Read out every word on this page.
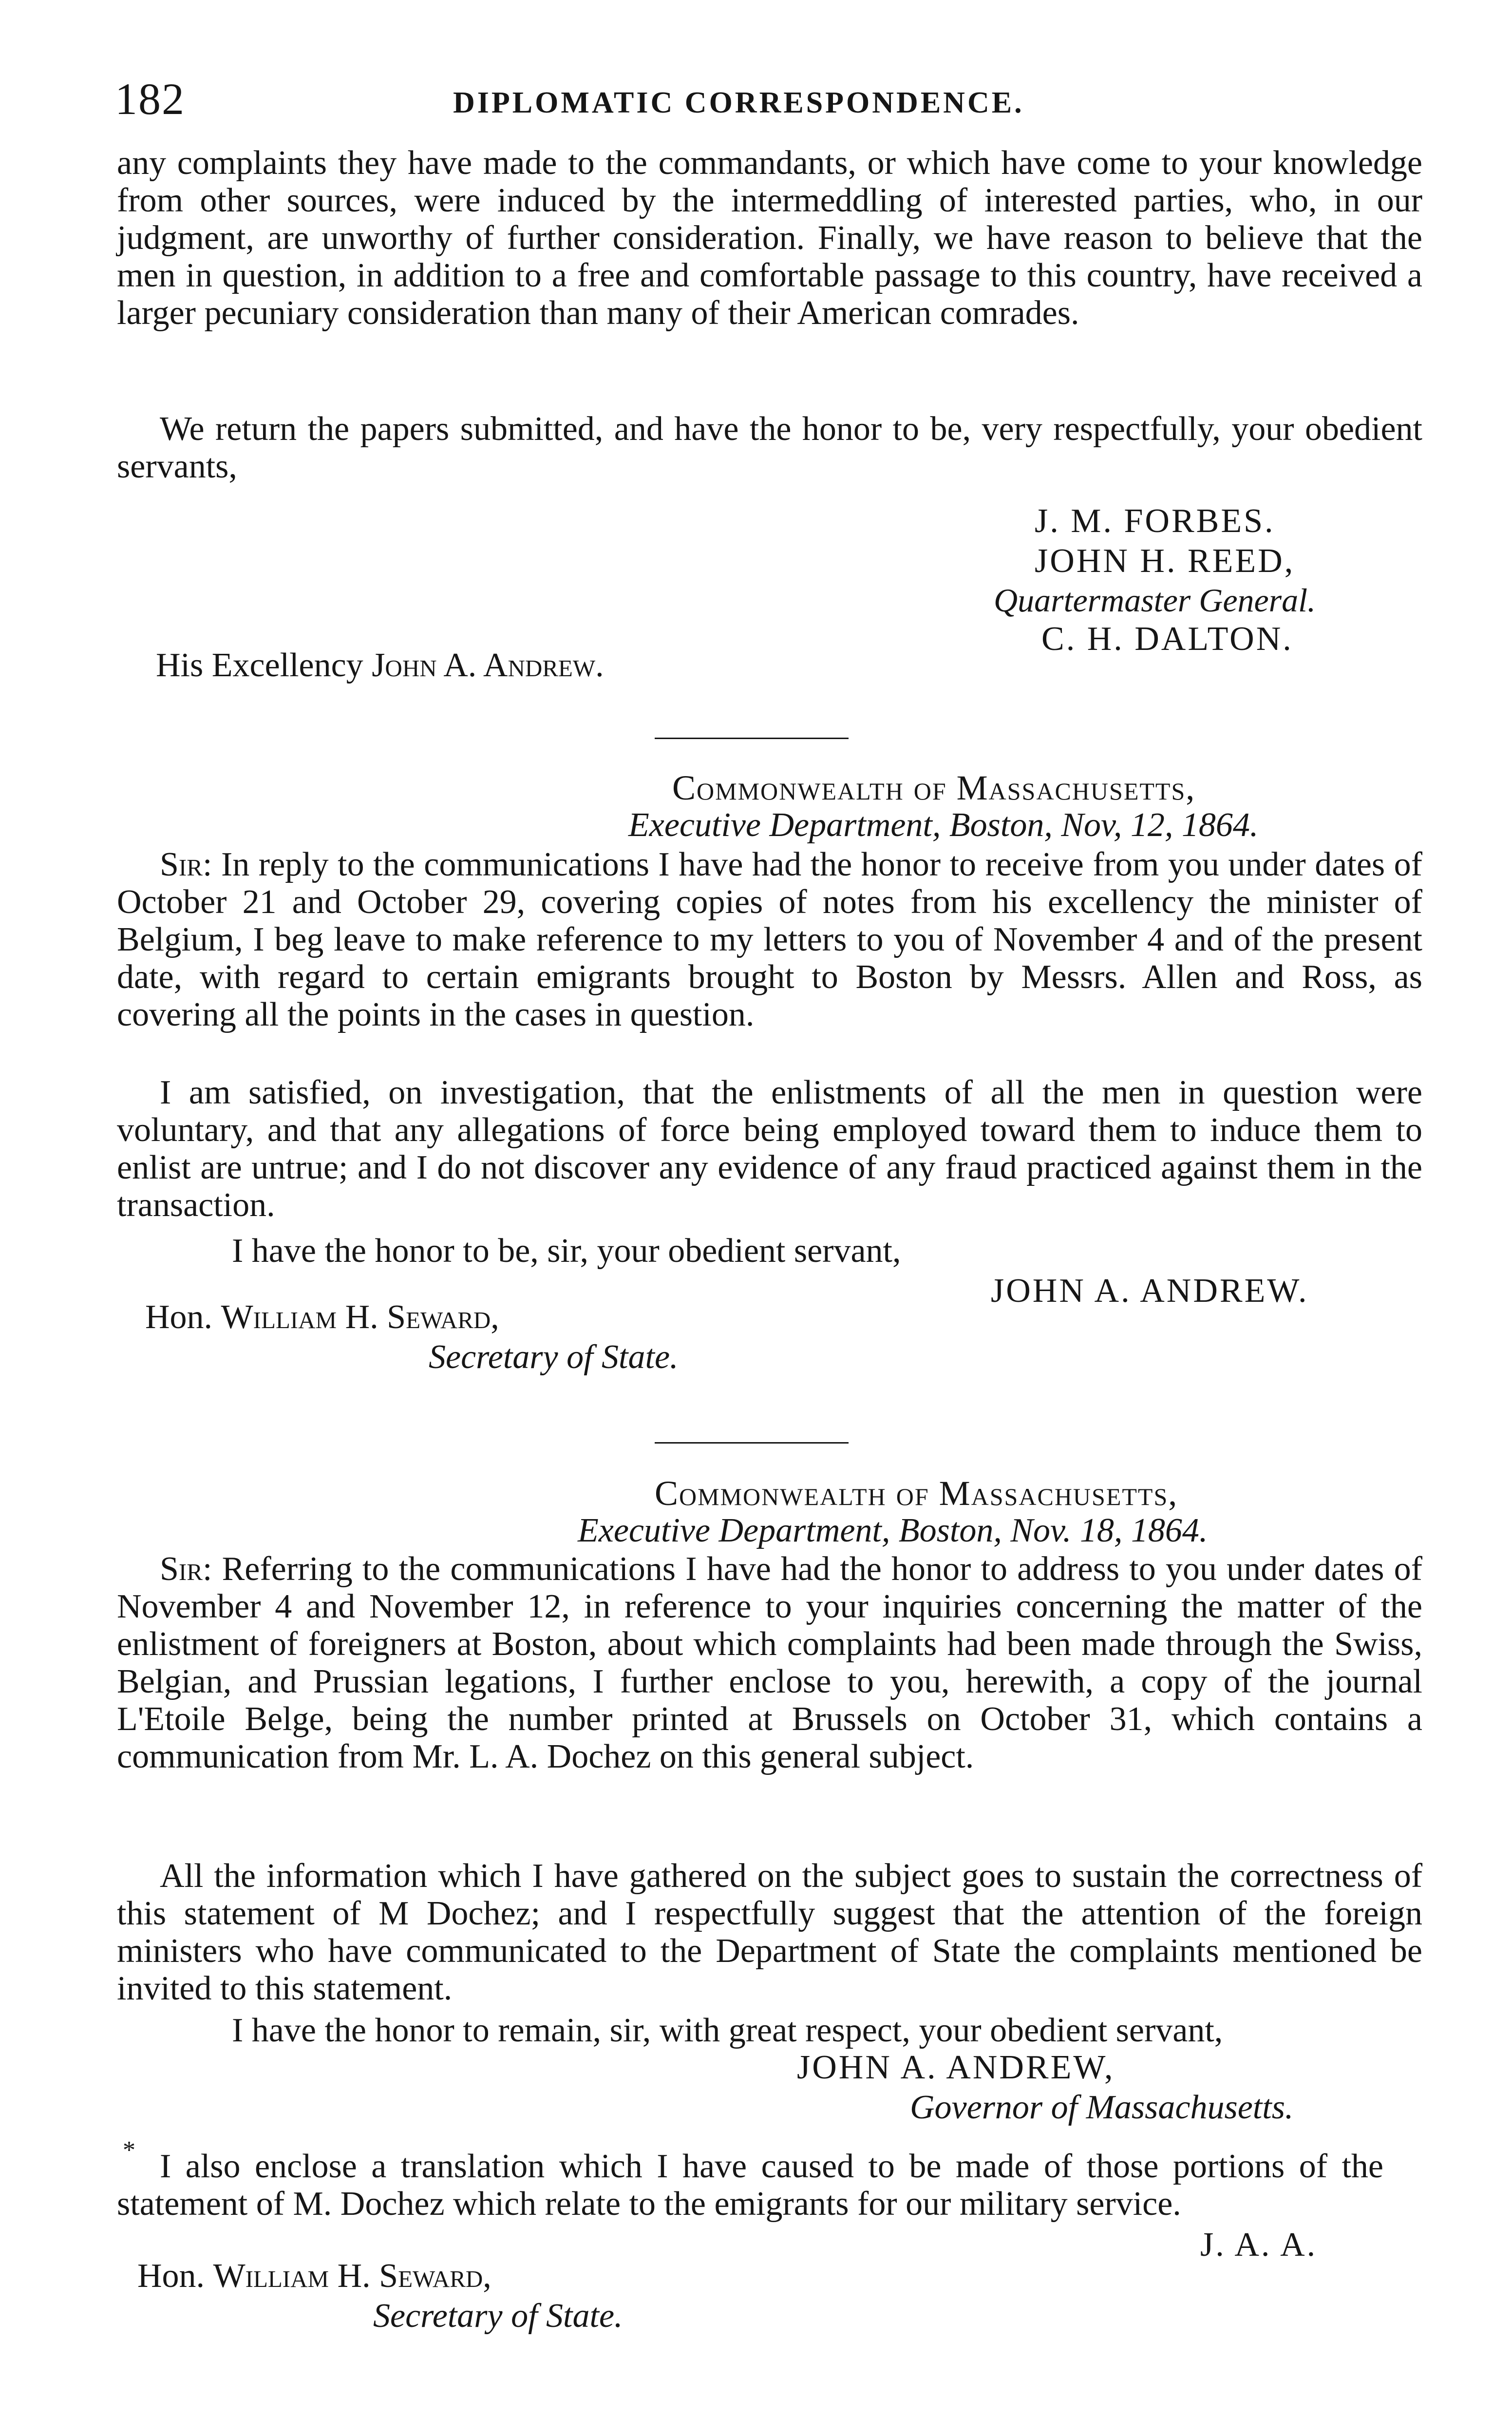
182	DIPLOMATIC CORRESPONDENCE.

any complaints they have made to the commandants, or which have come to your knowledge from other sources, were induced by the intermeddling of interested parties, who, in our judgment, are unworthy of further consideration. Finally, we have reason to believe that the men in question, in addition to a free and comfortable passage to this country, have received a larger pecuniary consideration than many of their American comrades.

We return the papers submitted, and have the honor to be, very respectfully, your obedient servants,

J. M. FORBES.
JOHN H. REED,
Quartermaster General.
C. H. DALTON.
His Excellency John A. Andrew.
Commonwealth of Massachusetts,
Executive Department, Boston, Nov, 12, 1864.

Sir: In reply to the communications I have had the honor to receive from you under dates of October 21 and October 29, covering copies of notes from his excellency the minister of Belgium, I beg leave to make reference to my letters to you of November 4 and of the present date, with regard to certain emigrants brought to Boston by Messrs. Allen and Ross, as covering all the points in the cases in question.

I am satisfied, on investigation, that the enlistments of all the men in question were voluntary, and that any allegations of force being employed toward them to induce them to enlist are untrue; and I do not discover any evidence of any fraud practiced against them in the transaction.

I have the honor to be, sir, your obedient servant,
JOHN A. ANDREW.
Hon. William H. Seward,
Secretary of State.
Commonwealth of Massachusetts,
Executive Department, Boston, Nov. 18, 1864.

Sir: Referring to the communications I have had the honor to address to you under dates of November 4 and November 12, in reference to your inquiries concerning the matter of the enlistment of foreigners at Boston, about which complaints had been made through the Swiss, Belgian, and Prussian legations, I further enclose to you, herewith, a copy of the journal L'Etoile Belge, being the number printed at Brussels on October 31, which contains a communication from Mr. L. A. Dochez on this general subject.

All the information which I have gathered on the subject goes to sustain the correctness of this statement of M Dochez; and I respectfully suggest that the attention of the foreign ministers who have communicated to the Department of State the complaints mentioned be invited to this statement.

I have the honor to remain, sir, with great respect, your obedient servant,
JOHN A. ANDREW,
Governor of Massachusetts.
* I also enclose a translation which I have caused to be made of those portions of the statement of M. Dochez which relate to the emigrants for our military service.

J. A. A.
Hon. William H. Seward,
Secretary of State.
